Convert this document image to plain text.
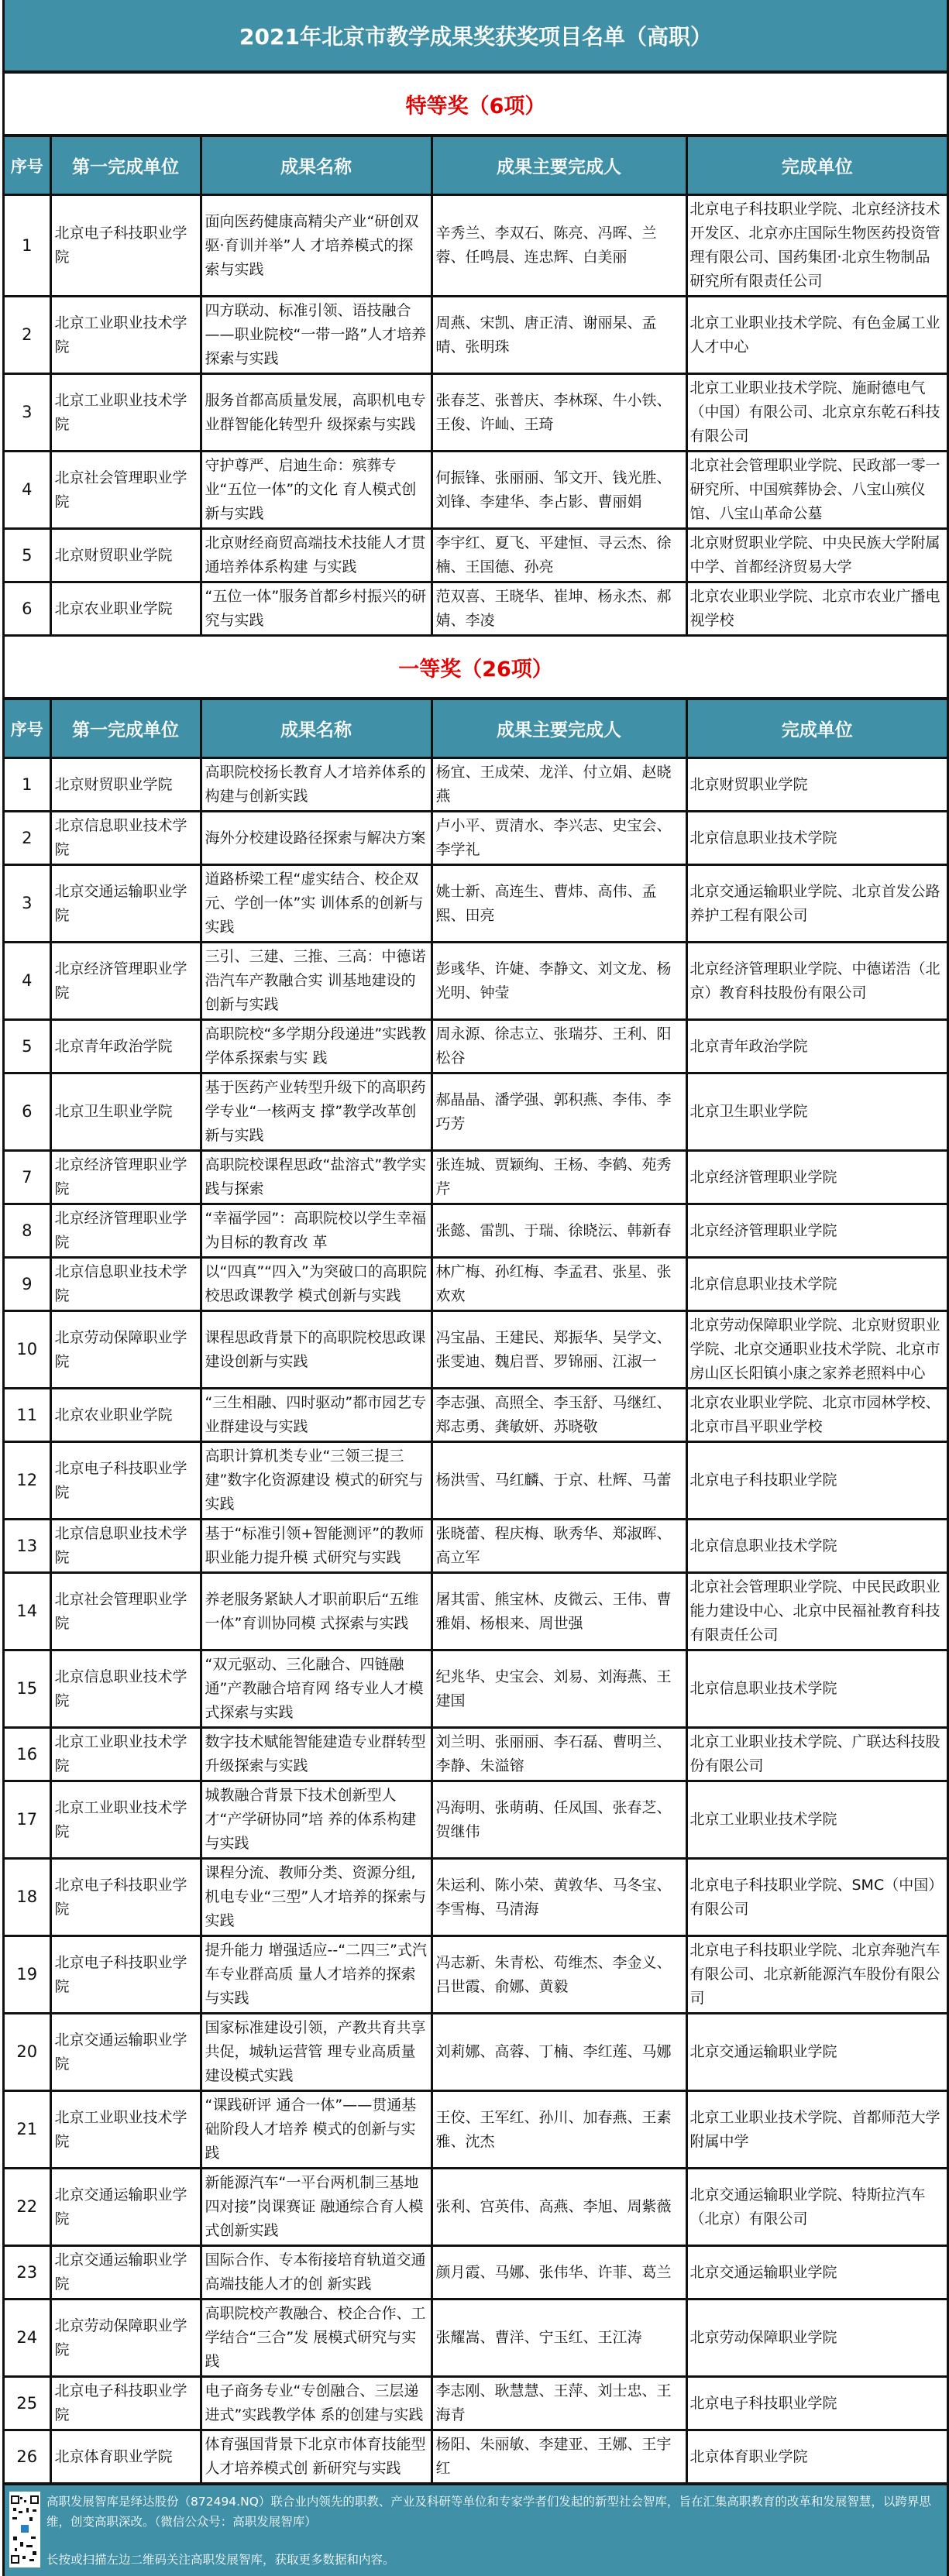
2021年北京市教学成果奖获奖项目名单（高职）
特等奖（6项）
序号	第一完成单位	成果名称	成果主要完成人	完成单位
1	北京电子科技职业学院	面向医药健康高精尖产业“研创双驱·育训并举”人 才培养模式的探索与实践	辛秀兰、李双石、陈亮、冯晖、兰蓉、任鸣晨、连忠辉、白美丽	北京电子科技职业学院、北京经济技术开发区、北京亦庄国际生物医药投资管理有限公司、国药集团·北京生物制品研究所有限责任公司
2	北京工业职业技术学院	四方联动、标准引领、语技融合——职业院校“一带一路”人才培养探索与实践	周燕、宋凯、唐正清、谢丽杲、孟晴、张明珠	北京工业职业技术学院、有色金属工业人才中心
3	北京工业职业技术学院	服务首都高质量发展，高职机电专业群智能化转型升 级探索与实践	张春芝、张普庆、李林琛、牛小铁、王俊、许屾、王琦	北京工业职业技术学院、施耐德电气（中国）有限公司、北京京东乾石科技有限公司
4	北京社会管理职业学院	守护尊严、启迪生命：殡葬专业“五位一体”的文化 育人模式创新与实践	何振锋、张丽丽、邹文开、钱光胜、刘锋、李建华、李占影、曹丽娟	北京社会管理职业学院、民政部一零一研究所、中国殡葬协会、八宝山殡仪馆、八宝山革命公墓
5	北京财贸职业学院	北京财经商贸高端技术技能人才贯通培养体系构建 与实践	李宇红、夏飞、平建恒、寻云杰、徐楠、王国德、孙亮	北京财贸职业学院、中央民族大学附属中学、首都经济贸易大学
6	北京农业职业学院	“五位一体”服务首都乡村振兴的研究与实践	范双喜、王晓华、崔坤、杨永杰、郝婧、李凌	北京农业职业学院、北京市农业广播电视学校
一等奖（26项）
序号	第一完成单位	成果名称	成果主要完成人	完成单位
1	北京财贸职业学院	高职院校扬长教育人才培养体系的构建与创新实践	杨宜、王成荣、龙洋、付立娟、赵晓燕	北京财贸职业学院
2	北京信息职业技术学院	海外分校建设路径探索与解决方案	卢小平、贾清水、李兴志、史宝会、李学礼	北京信息职业技术学院
3	北京交通运输职业学院	道路桥梁工程“虚实结合、校企双元、学创一体”实 训体系的创新与实践	姚士新、高连生、曹炜、高伟、孟熙、田亮	北京交通运输职业学院、北京首发公路养护工程有限公司
4	北京经济管理职业学院	三引、三建、三推、三高：中德诺浩汽车产教融合实 训基地建设的创新与实践	彭彧华、许婕、李静文、刘文龙、杨光明、钟莹	北京经济管理职业学院、中德诺浩（北京）教育科技股份有限公司
5	北京青年政治学院	高职院校“多学期分段递进”实践教学体系探索与实 践	周永源、徐志立、张瑞芬、王利、阳松谷	北京青年政治学院
6	北京卫生职业学院	基于医药产业转型升级下的高职药学专业“一核两支 撑”教学改革创新与实践	郝晶晶、潘学强、郭积燕、李伟、李巧芳	北京卫生职业学院
7	北京经济管理职业学院	高职院校课程思政“盐溶式”教学实践与探索	张连城、贾颖绚、王杨、李鹤、苑秀芹	北京经济管理职业学院
8	北京经济管理职业学院	“幸福学园”：高职院校以学生幸福为目标的教育改 革	张懿、雷凯、于瑞、徐晓沄、韩新春	北京经济管理职业学院
9	北京信息职业技术学院	以“四真”“四入”为突破口的高职院校思政课教学 模式创新与实践	林广梅、孙红梅、李孟君、张星、张欢欢	北京信息职业技术学院
10	北京劳动保障职业学院	课程思政背景下的高职院校思政课建设创新与实践	冯宝晶、王建民、郑振华、吴学文、张雯迪、魏启晋、罗锦丽、江淑一	北京劳动保障职业学院、北京财贸职业学院、北京交通职业技术学院、北京市房山区长阳镇小康之家养老照料中心
11	北京农业职业学院	“三生相融、四时驱动”都市园艺专业群建设与实践	李志强、高照全、李玉舒、马继红、郑志勇、龚敏妍、苏晓敬	北京农业职业学院、北京市园林学校、北京市昌平职业学校
12	北京电子科技职业学院	高职计算机类专业“三领三提三建”数字化资源建设 模式的研究与实践	杨洪雪、马红麟、于京、杜辉、马蕾	北京电子科技职业学院
13	北京信息职业技术学院	基于“标准引领+智能测评”的教师职业能力提升模 式研究与实践	张晓蕾、程庆梅、耿秀华、郑淑晖、高立军	北京信息职业技术学院
14	北京社会管理职业学院	养老服务紧缺人才职前职后“五维一体”育训协同模 式探索与实践	屠其雷、熊宝林、皮微云、王伟、曹雅娟、杨根来、周世强	北京社会管理职业学院、中民民政职业能力建设中心、北京中民福祉教育科技有限责任公司
15	北京信息职业技术学院	“双元驱动、三化融合、四链融通”产教融合培育网 络专业人才模式探索与实践	纪兆华、史宝会、刘易、刘海燕、王建国	北京信息职业技术学院
16	北京工业职业技术学院	数字技术赋能智能建造专业群转型升级探索与实践	刘兰明、张丽丽、李石磊、曹明兰、李静、朱溢镕	北京工业职业技术学院、广联达科技股份有限公司
17	北京工业职业技术学院	城教融合背景下技术创新型人才“产学研协同”培 养的体系构建与实践	冯海明、张萌萌、任凤国、张春芝、贺继伟	北京工业职业技术学院
18	北京电子科技职业学院	课程分流、教师分类、资源分组, 机电专业“三型”人才培养的探索与实践	朱运利、陈小荣、黄敦华、马冬宝、李雪梅、马清海	北京电子科技职业学院、SMC（中国）有限公司
19	北京电子科技职业学院	提升能力 增强适应--“二四三”式汽车专业群高质 量人才培养的探索与实践	冯志新、朱青松、苟维杰、李金义、吕世霞、俞娜、黄毅	北京电子科技职业学院、北京奔驰汽车有限公司、北京新能源汽车股份有限公司
20	北京交通运输职业学院	国家标准建设引领，产教共育共享共促，城轨运营管 理专业高质量建设模式实践	刘莉娜、高蓉、丁楠、李红莲、马娜	北京交通运输职业学院
21	北京工业职业技术学院	“课践研评 通合一体”——贯通基础阶段人才培养 模式的创新与实践	王佼、王军红、孙川、加春燕、王素雅、沈杰	北京工业职业技术学院、首都师范大学附属中学
22	北京交通运输职业学院	新能源汽车“一平台两机制三基地四对接”岗课赛证 融通综合育人模式创新实践	张利、宫英伟、高燕、李旭、周紫薇	北京交通运输职业学院、特斯拉汽车（北京）有限公司
23	北京交通运输职业学院	国际合作、专本衔接培育轨道交通高端技能人才的创 新实践	颜月霞、马娜、张伟华、许菲、葛兰	北京交通运输职业学院
24	北京劳动保障职业学院	高职院校产教融合、校企合作、工学结合“三合”发 展模式研究与实践	张耀嵩、曹洋、宁玉红、王江涛	北京劳动保障职业学院
25	北京电子科技职业学院	电子商务专业“专创融合、三层递进式”实践教学体 系的创建与实践	李志刚、耿慧慧、王萍、刘士忠、王海青	北京电子科技职业学院
26	北京体育职业学院	体育强国背景下北京市体育技能型人才培养模式创 新研究与实践	杨阳、朱丽敏、李建亚、王娜、王宇红	北京体育职业学院
高职发展智库是绎达股份（872494.NQ）联合业内领先的职教、产业及科研等单位和专家学者们发起的新型社会智库，旨在汇集高职教育的改革和发展智慧，以跨界思维，创变高职深改。（微信公众号：高职发展智库）
长按或扫描左边二维码关注高职发展智库，获取更多数据和内容。
